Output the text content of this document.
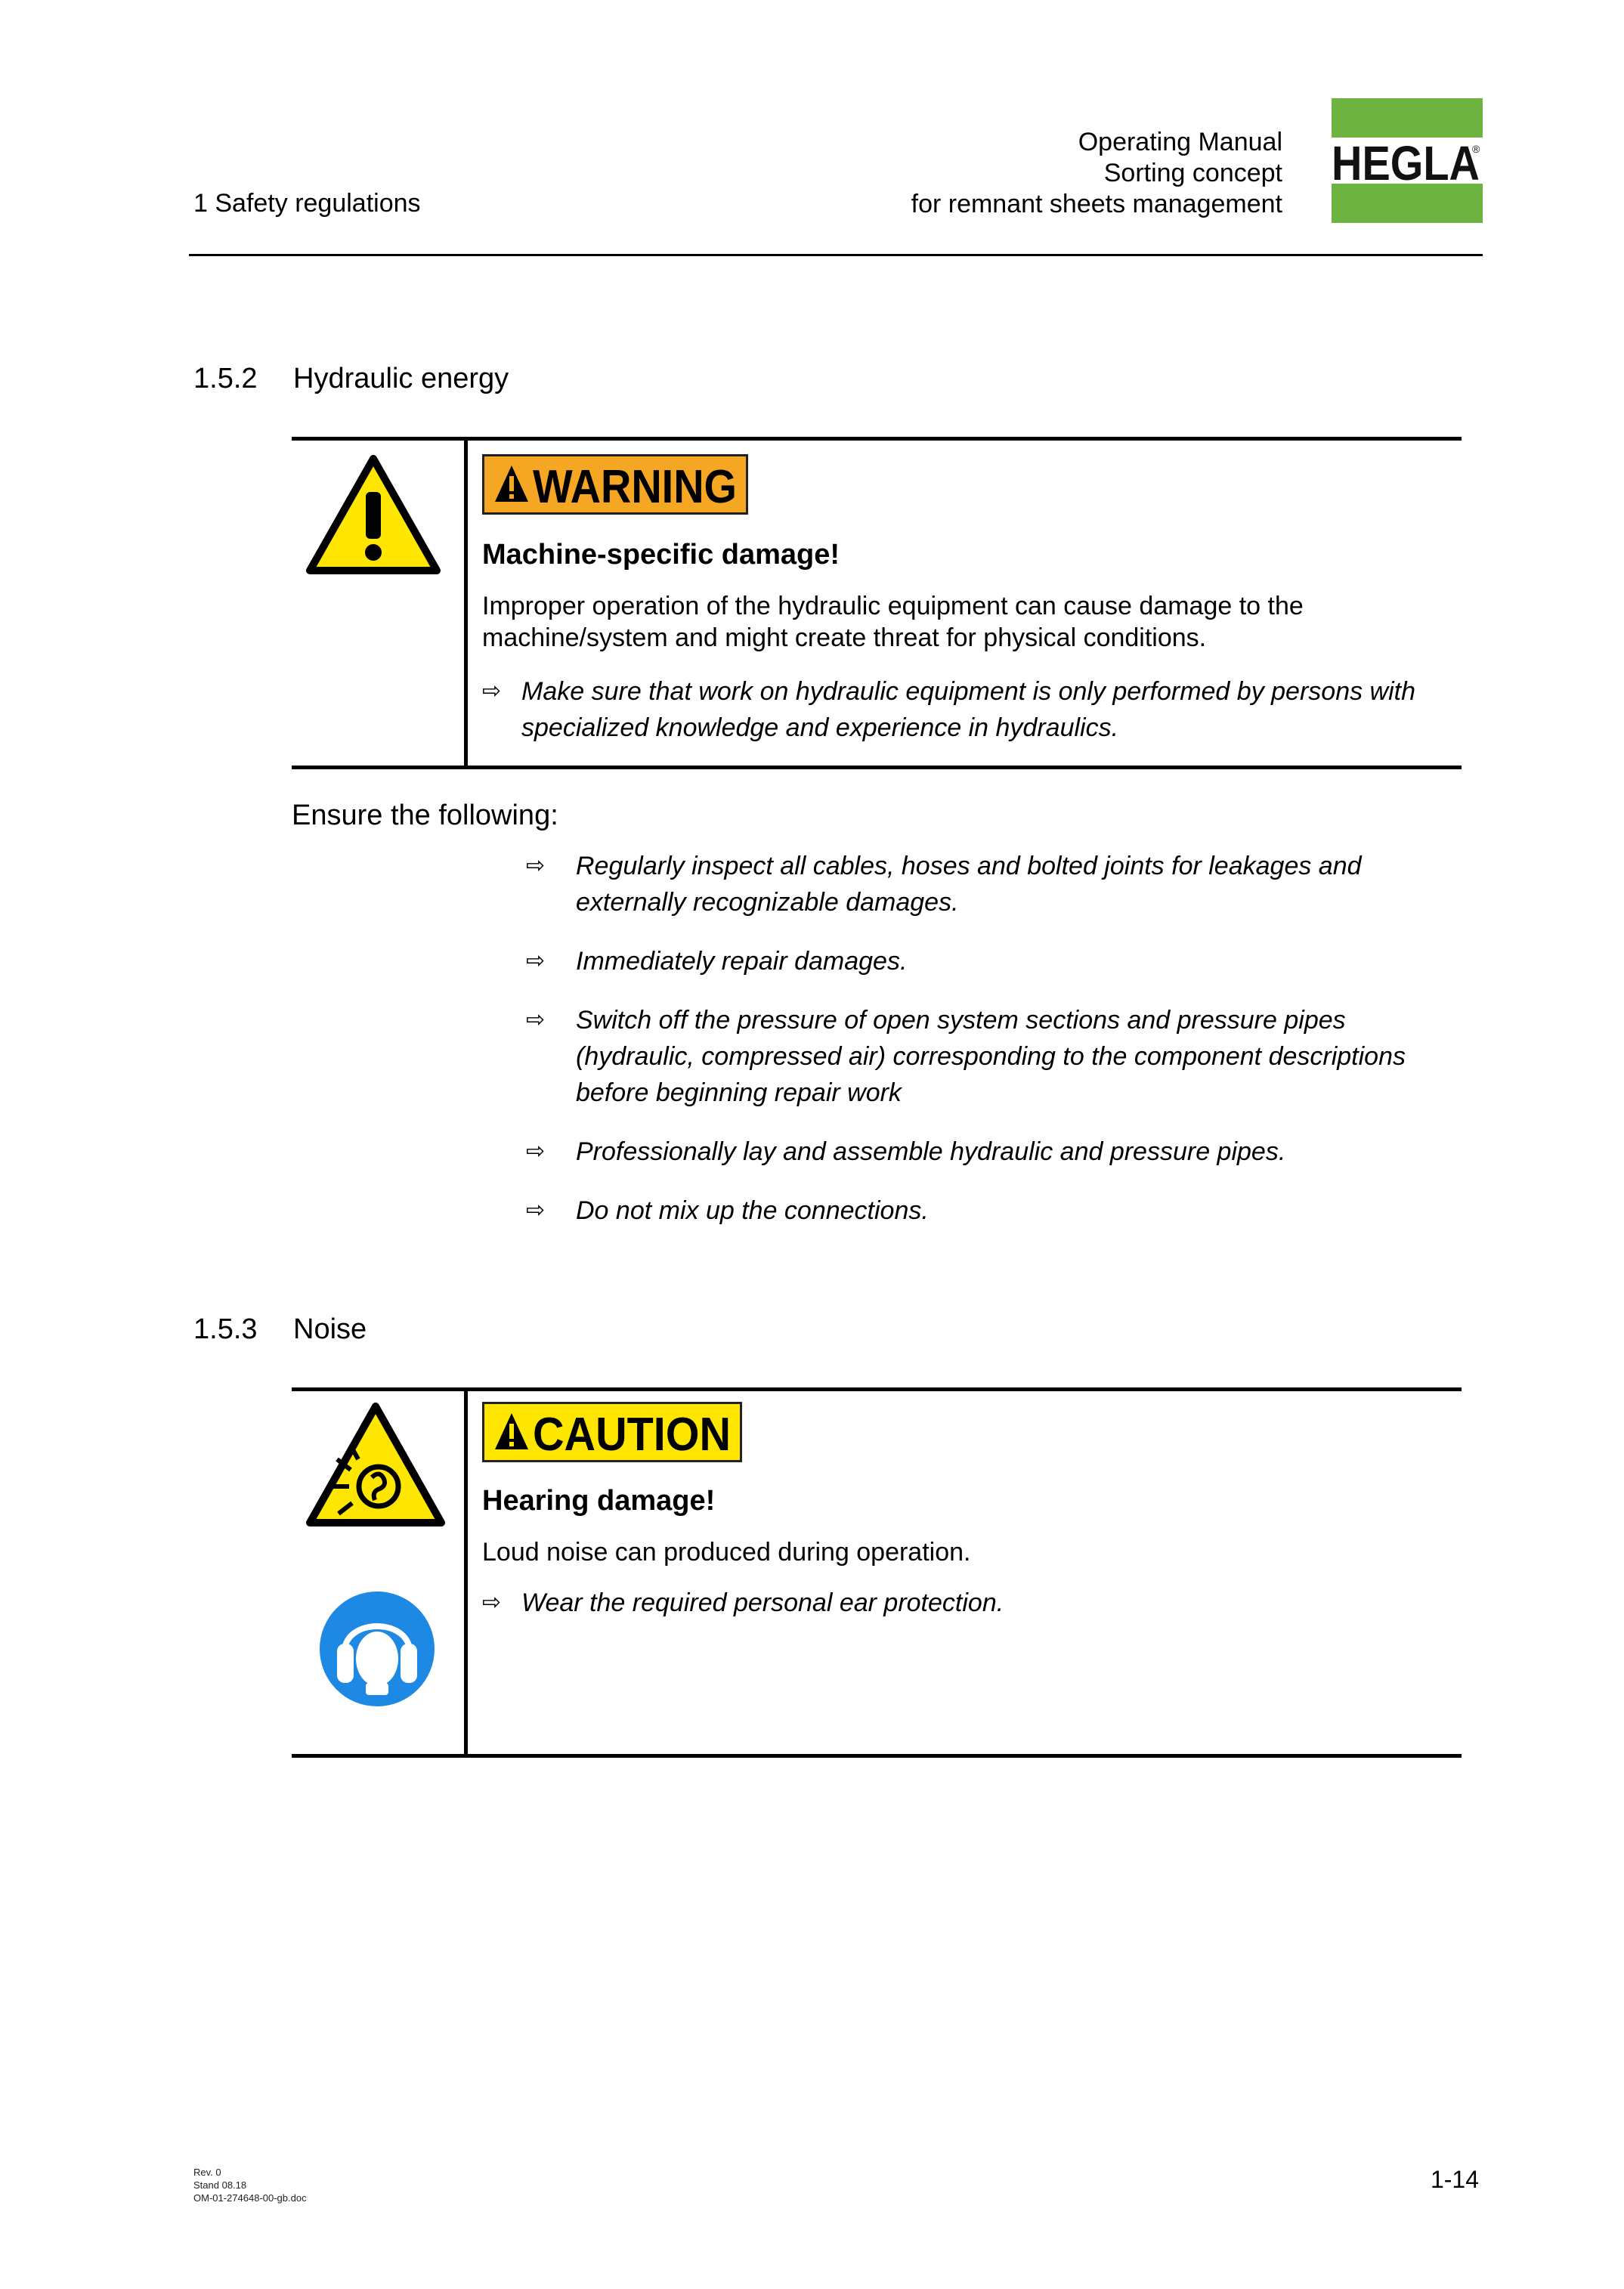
1 Safety regulations
Operating Manual
Sorting concept
for remnant sheets management
HEGLA
®
1.5.2 Hydraulic energy
WARNING
Machine-specific damage!
Improper operation of the hydraulic equipment can cause damage to the machine/system and might create threat for physical conditions.
⇨ Make sure that work on hydraulic equipment is only performed by persons with specialized knowledge and experience in hydraulics.
Ensure the following:
⇨ Regularly inspect all cables, hoses and bolted joints for leakages and externally recognizable damages.
⇨ Immediately repair damages.
⇨ Switch off the pressure of open system sections and pressure pipes (hydraulic, compressed air) corresponding to the component descriptions before beginning repair work
⇨ Professionally lay and assemble hydraulic and pressure pipes.
⇨ Do not mix up the connections.
1.5.3 Noise
CAUTION
Hearing damage!
Loud noise can produced during operation.
⇨ Wear the required personal ear protection.
Rev. 0
Stand 08.18
OM-01-274648-00-gb.doc
1-14
